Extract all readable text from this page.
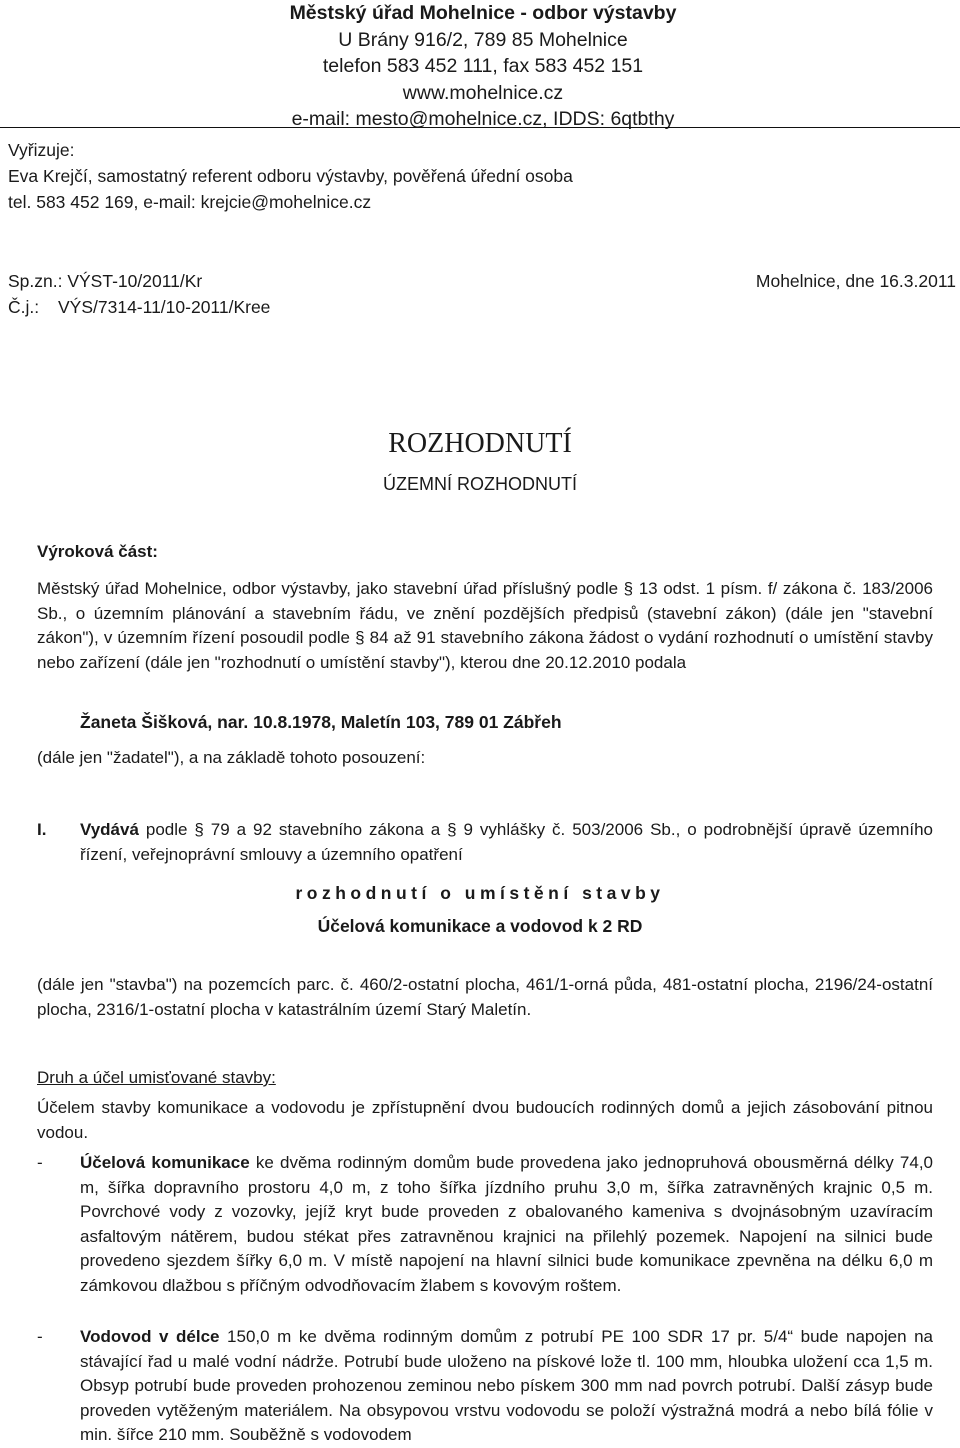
Městský úřad Mohelnice - odbor výstavby
U Brány 916/2, 789 85 Mohelnice
telefon 583 452 111, fax 583 452 151
www.mohelnice.cz
e-mail: mesto@mohelnice.cz, IDDS: 6qtbthy
Vyřizuje:
Eva Krejčí, samostatný referent odboru výstavby, pověřená úřední osoba
tel. 583 452 169, e-mail: krejcie@mohelnice.cz
Sp.zn.: VÝST-10/2011/Kr	Mohelnice, dne 16.3.2011
Č.j.: VÝS/7314-11/10-2011/Kree
ROZHODNUTÍ
ÚZEMNÍ ROZHODNUTÍ
Výroková část:
Městský úřad Mohelnice, odbor výstavby, jako stavební úřad příslušný podle § 13 odst. 1 písm. f/ zákona č. 183/2006 Sb., o územním plánování a stavebním řádu, ve znění pozdějších předpisů (stavební zákon) (dále jen "stavební zákon"), v územním řízení posoudil podle § 84 až 91 stavebního zákona žádost o vydání rozhodnutí o umístění stavby nebo zařízení (dále jen "rozhodnutí o umístění stavby"), kterou dne 20.12.2010 podala
Žaneta Šišková, nar. 10.8.1978, Maletín 103, 789 01 Zábřeh
(dále jen "žadatel"), a na základě tohoto posouzení:
I. Vydává podle § 79 a 92 stavebního zákona a § 9 vyhlášky č. 503/2006 Sb., o podrobnější úpravě územního řízení, veřejnoprávní smlouvy a územního opatření
rozhodnutí o umístění stavby
Účelová komunikace a vodovod k 2 RD
(dále jen "stavba") na pozemcích parc. č. 460/2-ostatní plocha, 461/1-orná půda, 481-ostatní plocha, 2196/24-ostatní plocha, 2316/1-ostatní plocha v katastrálním území Starý Maletín.
Druh a účel umisťované stavby:
Účelem stavby komunikace a vodovodu je zpřístupnění dvou budoucích rodinných domů a jejich zásobování pitnou vodou.
- Účelová komunikace ke dvěma rodinným domům bude provedena jako jednopruhová obousměrná délky 74,0 m, šířka dopravního prostoru 4,0 m, z toho šířka jízdního pruhu 3,0 m, šířka zatravněných krajnic 0,5 m. Povrchové vody z vozovky, jejíž kryt bude proveden z obalovaného kameniva s dvojnásobným uzavíracím asfaltovým nátěrem, budou stékat přes zatravněnou krajnici na přilehlý pozemek. Napojení na silnici bude provedeno sjezdem šířky 6,0 m. V místě napojení na hlavní silnici bude komunikace zpevněna na délku 6,0 m zámkovou dlažbou s příčným odvodňovacím žlabem s kovovým roštem.
- Vodovod v délce 150,0 m ke dvěma rodinným domům z potrubí PE 100 SDR 17 pr. 5/4“ bude napojen na stávající řad u malé vodní nádrže. Potrubí bude uloženo na pískové lože tl. 100 mm, hloubka uložení cca 1,5 m. Obsyp potrubí bude proveden prohozenou zeminou nebo pískem 300 mm nad povrch potrubí. Další zásyp bude proveden vytěženým materiálem. Na obsypovou vrstvu vodovodu se položí výstražná modrá a nebo bílá fólie v min. šířce 210 mm. Souběžně s vodovodem
